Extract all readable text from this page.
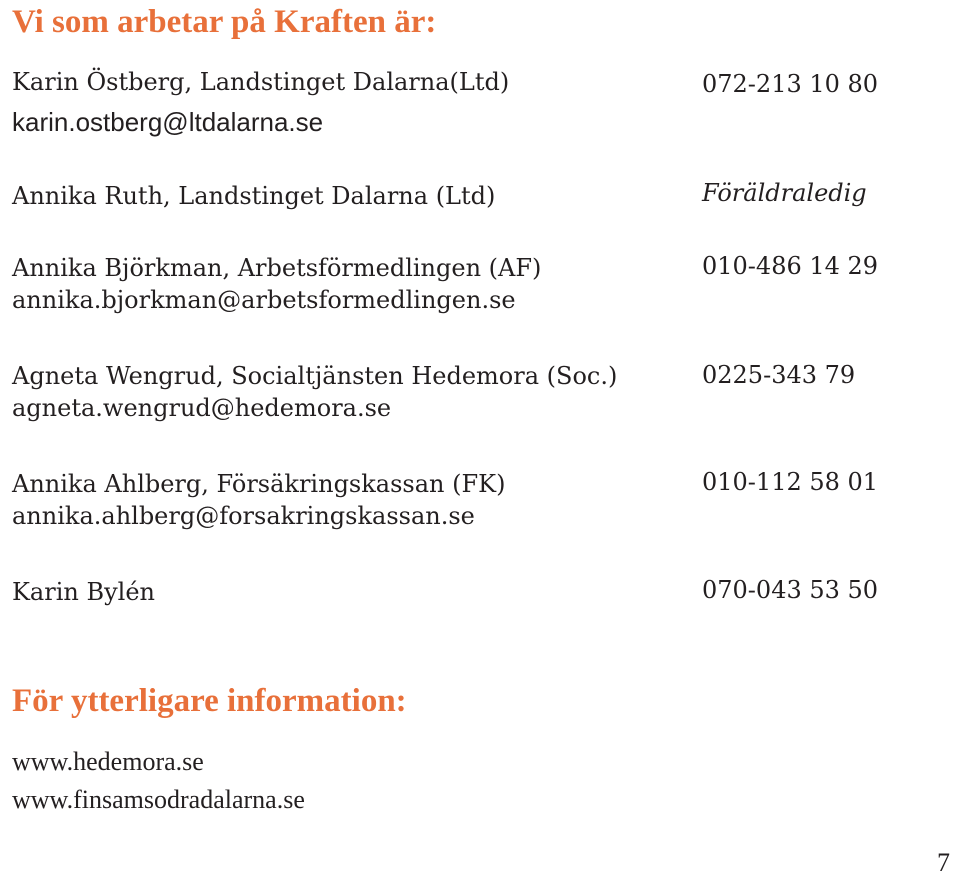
Vi som arbetar på Kraften är:
Karin Östberg, Landstinget Dalarna(Ltd)
karin.ostberg@ltdalarna.se
072-213 10 80
Annika Ruth, Landstinget Dalarna (Ltd)	Föräldraledig
Annika Björkman, Arbetsförmedlingen (AF)
annika.bjorkman@arbetsformedlingen.se
010-486 14 29
Agneta Wengrud, Socialtjänsten Hedemora (Soc.)
agneta.wengrud@hedemora.se
0225-343 79
Annika Ahlberg, Försäkringskassan (FK)
annika.ahlberg@forsakringskassan.se
010-112 58 01
Karin Bylén	070-043 53 50
För ytterligare information:
www.hedemora.se
www.finsamsodradalarna.se
7
